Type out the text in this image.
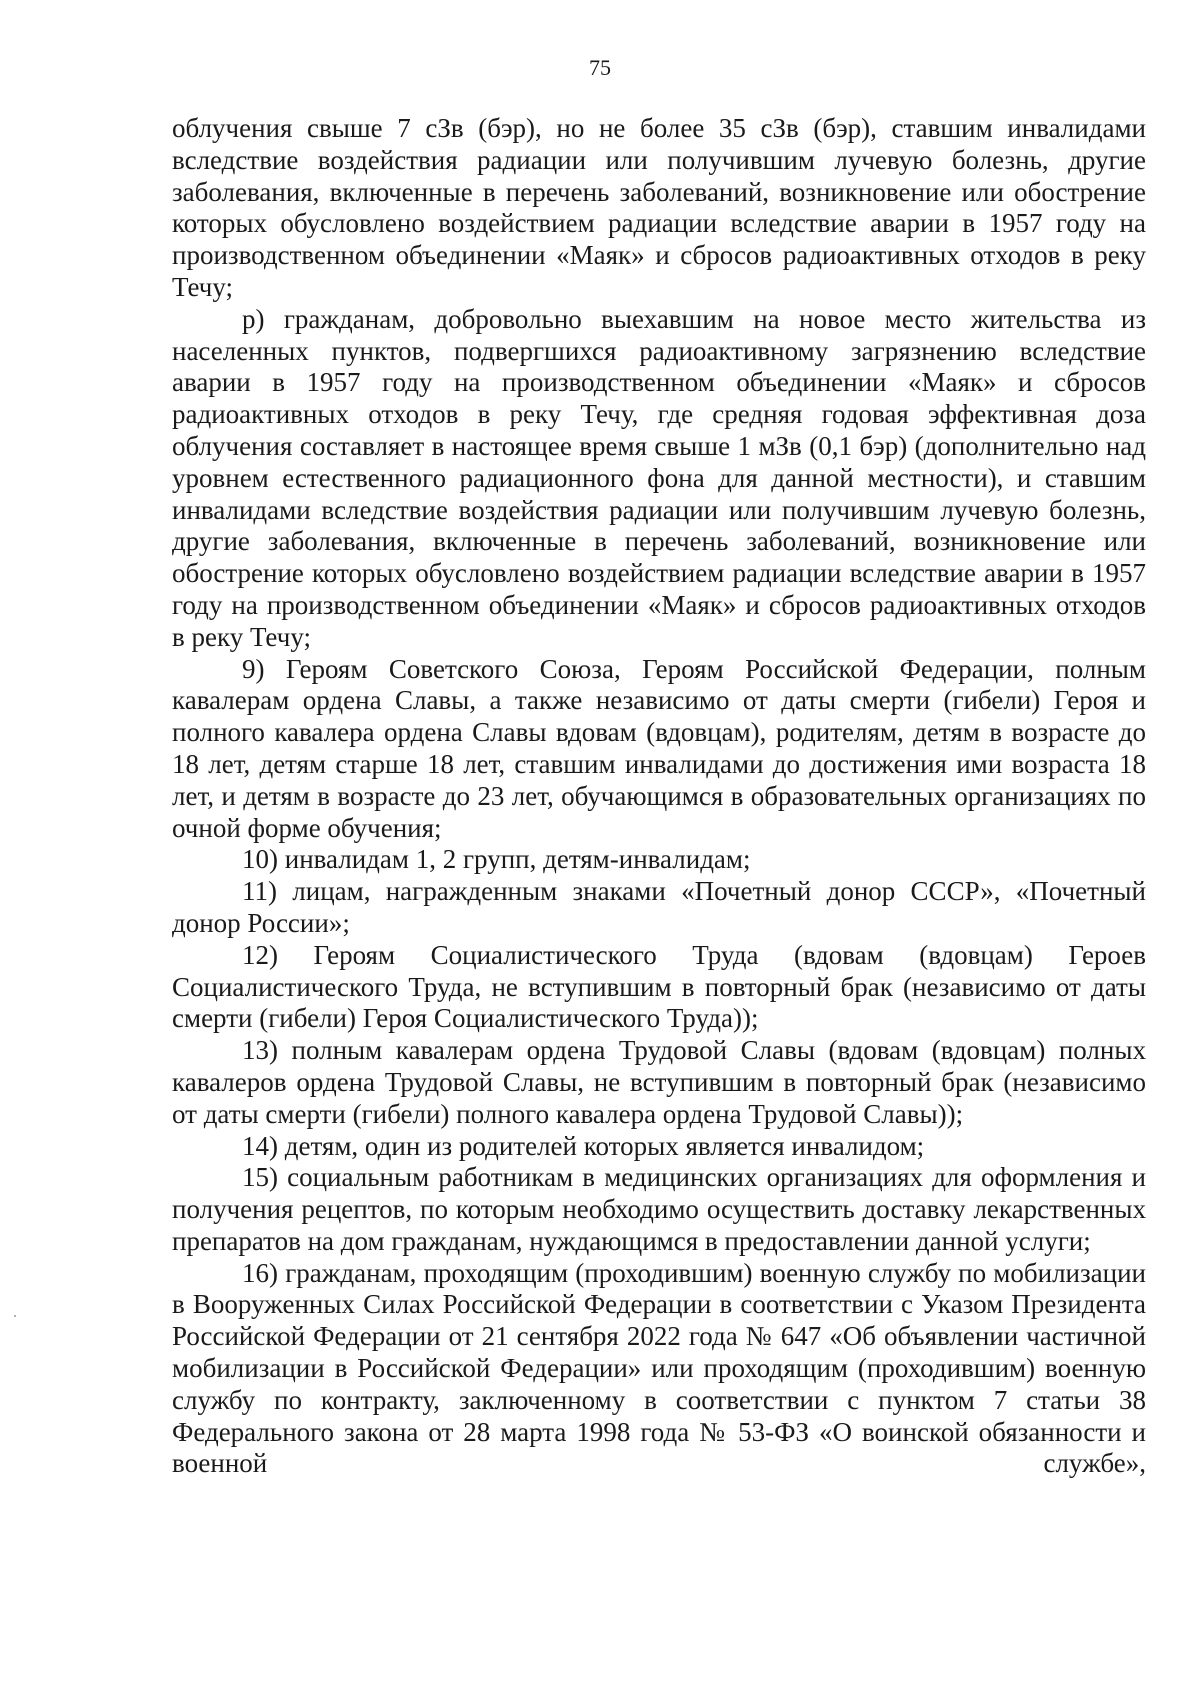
75

облучения свыше 7 сЗв (бэр), но не более 35 сЗв (бэр), ставшим инвалидами вследствие воздействия радиации или получившим лучевую болезнь, другие заболевания, включенные в перечень заболеваний, возникновение или обострение которых обусловлено воздействием радиации вследствие аварии в 1957 году на производственном объединении «Маяк» и сбросов радиоактивных отходов в реку Течу;

р) гражданам, добровольно выехавшим на новое место жительства из населенных пунктов, подвергшихся радиоактивному загрязнению вследствие аварии в 1957 году на производственном объединении «Маяк» и сбросов радиоактивных отходов в реку Течу, где средняя годовая эффективная доза облучения составляет в настоящее время свыше 1 мЗв (0,1 бэр) (дополнительно над уровнем естественного радиационного фона для данной местности), и ставшим инвалидами вследствие воздействия радиации или получившим лучевую болезнь, другие заболевания, включенные в перечень заболеваний, возникновение или обострение которых обусловлено воздействием радиации вследствие аварии в 1957 году на производственном объединении «Маяк» и сбросов радиоактивных отходов в реку Течу;

9) Героям Советского Союза, Героям Российской Федерации, полным кавалерам ордена Славы, а также независимо от даты смерти (гибели) Героя и полного кавалера ордена Славы вдовам (вдовцам), родителям, детям в возрасте до 18 лет, детям старше 18 лет, ставшим инвалидами до достижения ими возраста 18 лет, и детям в возрасте до 23 лет, обучающимся в образовательных организациях по очной форме обучения;

10) инвалидам 1, 2 групп, детям-инвалидам;

11) лицам, награжденным знаками «Почетный донор СССР», «Почетный донор России»;

12) Героям Социалистического Труда (вдовам (вдовцам) Героев Социалистического Труда, не вступившим в повторный брак (независимо от даты смерти (гибели) Героя Социалистического Труда));

13) полным кавалерам ордена Трудовой Славы (вдовам (вдовцам) полных кавалеров ордена Трудовой Славы, не вступившим в повторный брак (независимо от даты смерти (гибели) полного кавалера ордена Трудовой Славы));

14) детям, один из родителей которых является инвалидом;

15) социальным работникам в медицинских организациях для оформления и получения рецептов, по которым необходимо осуществить доставку лекарственных препаратов на дом гражданам, нуждающимся в предоставлении данной услуги;

16) гражданам, проходящим (проходившим) военную службу по мобилизации в Вооруженных Силах Российской Федерации в соответствии с Указом Президента Российской Федерации от 21 сентября 2022 года № 647 «Об объявлении частичной мобилизации в Российской Федерации» или проходящим (проходившим) военную службу по контракту, заключенному в соответствии с пунктом 7 статьи 38 Федерального закона от 28 марта 1998 года № 53-ФЗ «О воинской обязанности и военной службе»,
